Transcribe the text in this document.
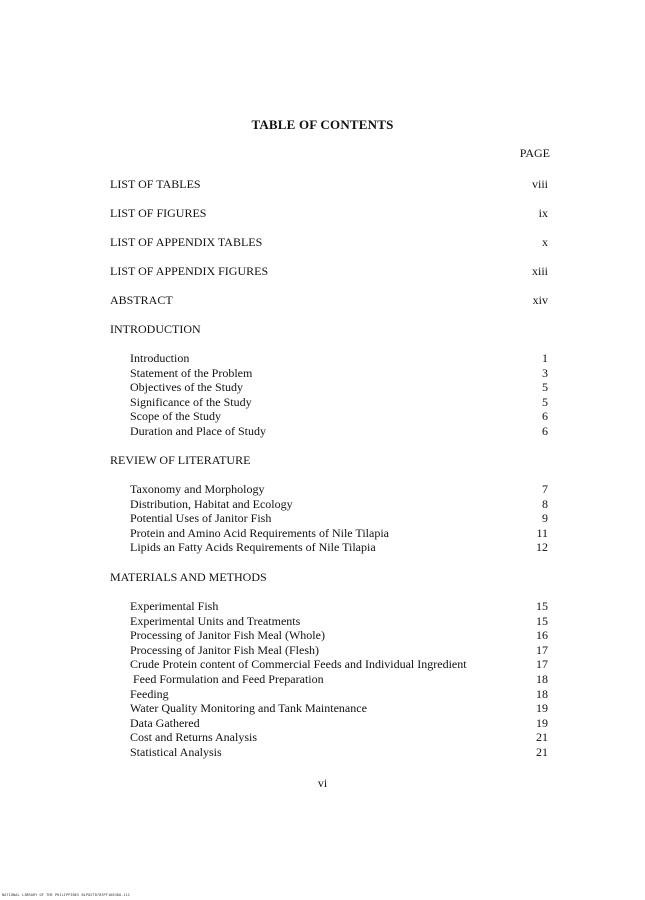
TABLE OF CONTENTS
PAGE
LIST OF TABLES	viii
LIST OF FIGURES	ix
LIST OF APPENDIX TABLES	x
LIST OF APPENDIX FIGURES	xiii
ABSTRACT	xiv
INTRODUCTION
Introduction	1
Statement of the Problem	3
Objectives of the Study	5
Significance of the Study	5
Scope of the Study	6
Duration and Place of Study	6
REVIEW OF LITERATURE
Taxonomy and Morphology	7
Distribution, Habitat and Ecology	8
Potential Uses of Janitor Fish	9
Protein and Amino Acid Requirements of Nile Tilapia	11
Lipids an Fatty Acids Requirements of Nile Tilapia	12
MATERIALS AND METHODS
Experimental Fish	15
Experimental Units and Treatments	15
Processing of Janitor Fish Meal (Whole)	16
Processing of Janitor Fish Meal (Flesh)	17
Crude Protein content of Commercial Feeds and Individual Ingredient	17
Feed Formulation and Feed Preparation	18
Feeding	18
Water Quality Monitoring and Tank Maintenance	19
Data Gathered	19
Cost and Returns Analysis	21
Statistical Analysis	21
vi
NATIONAL LIBRARY OF THE PHILIPPINES BLPOST0703PF160300-112
